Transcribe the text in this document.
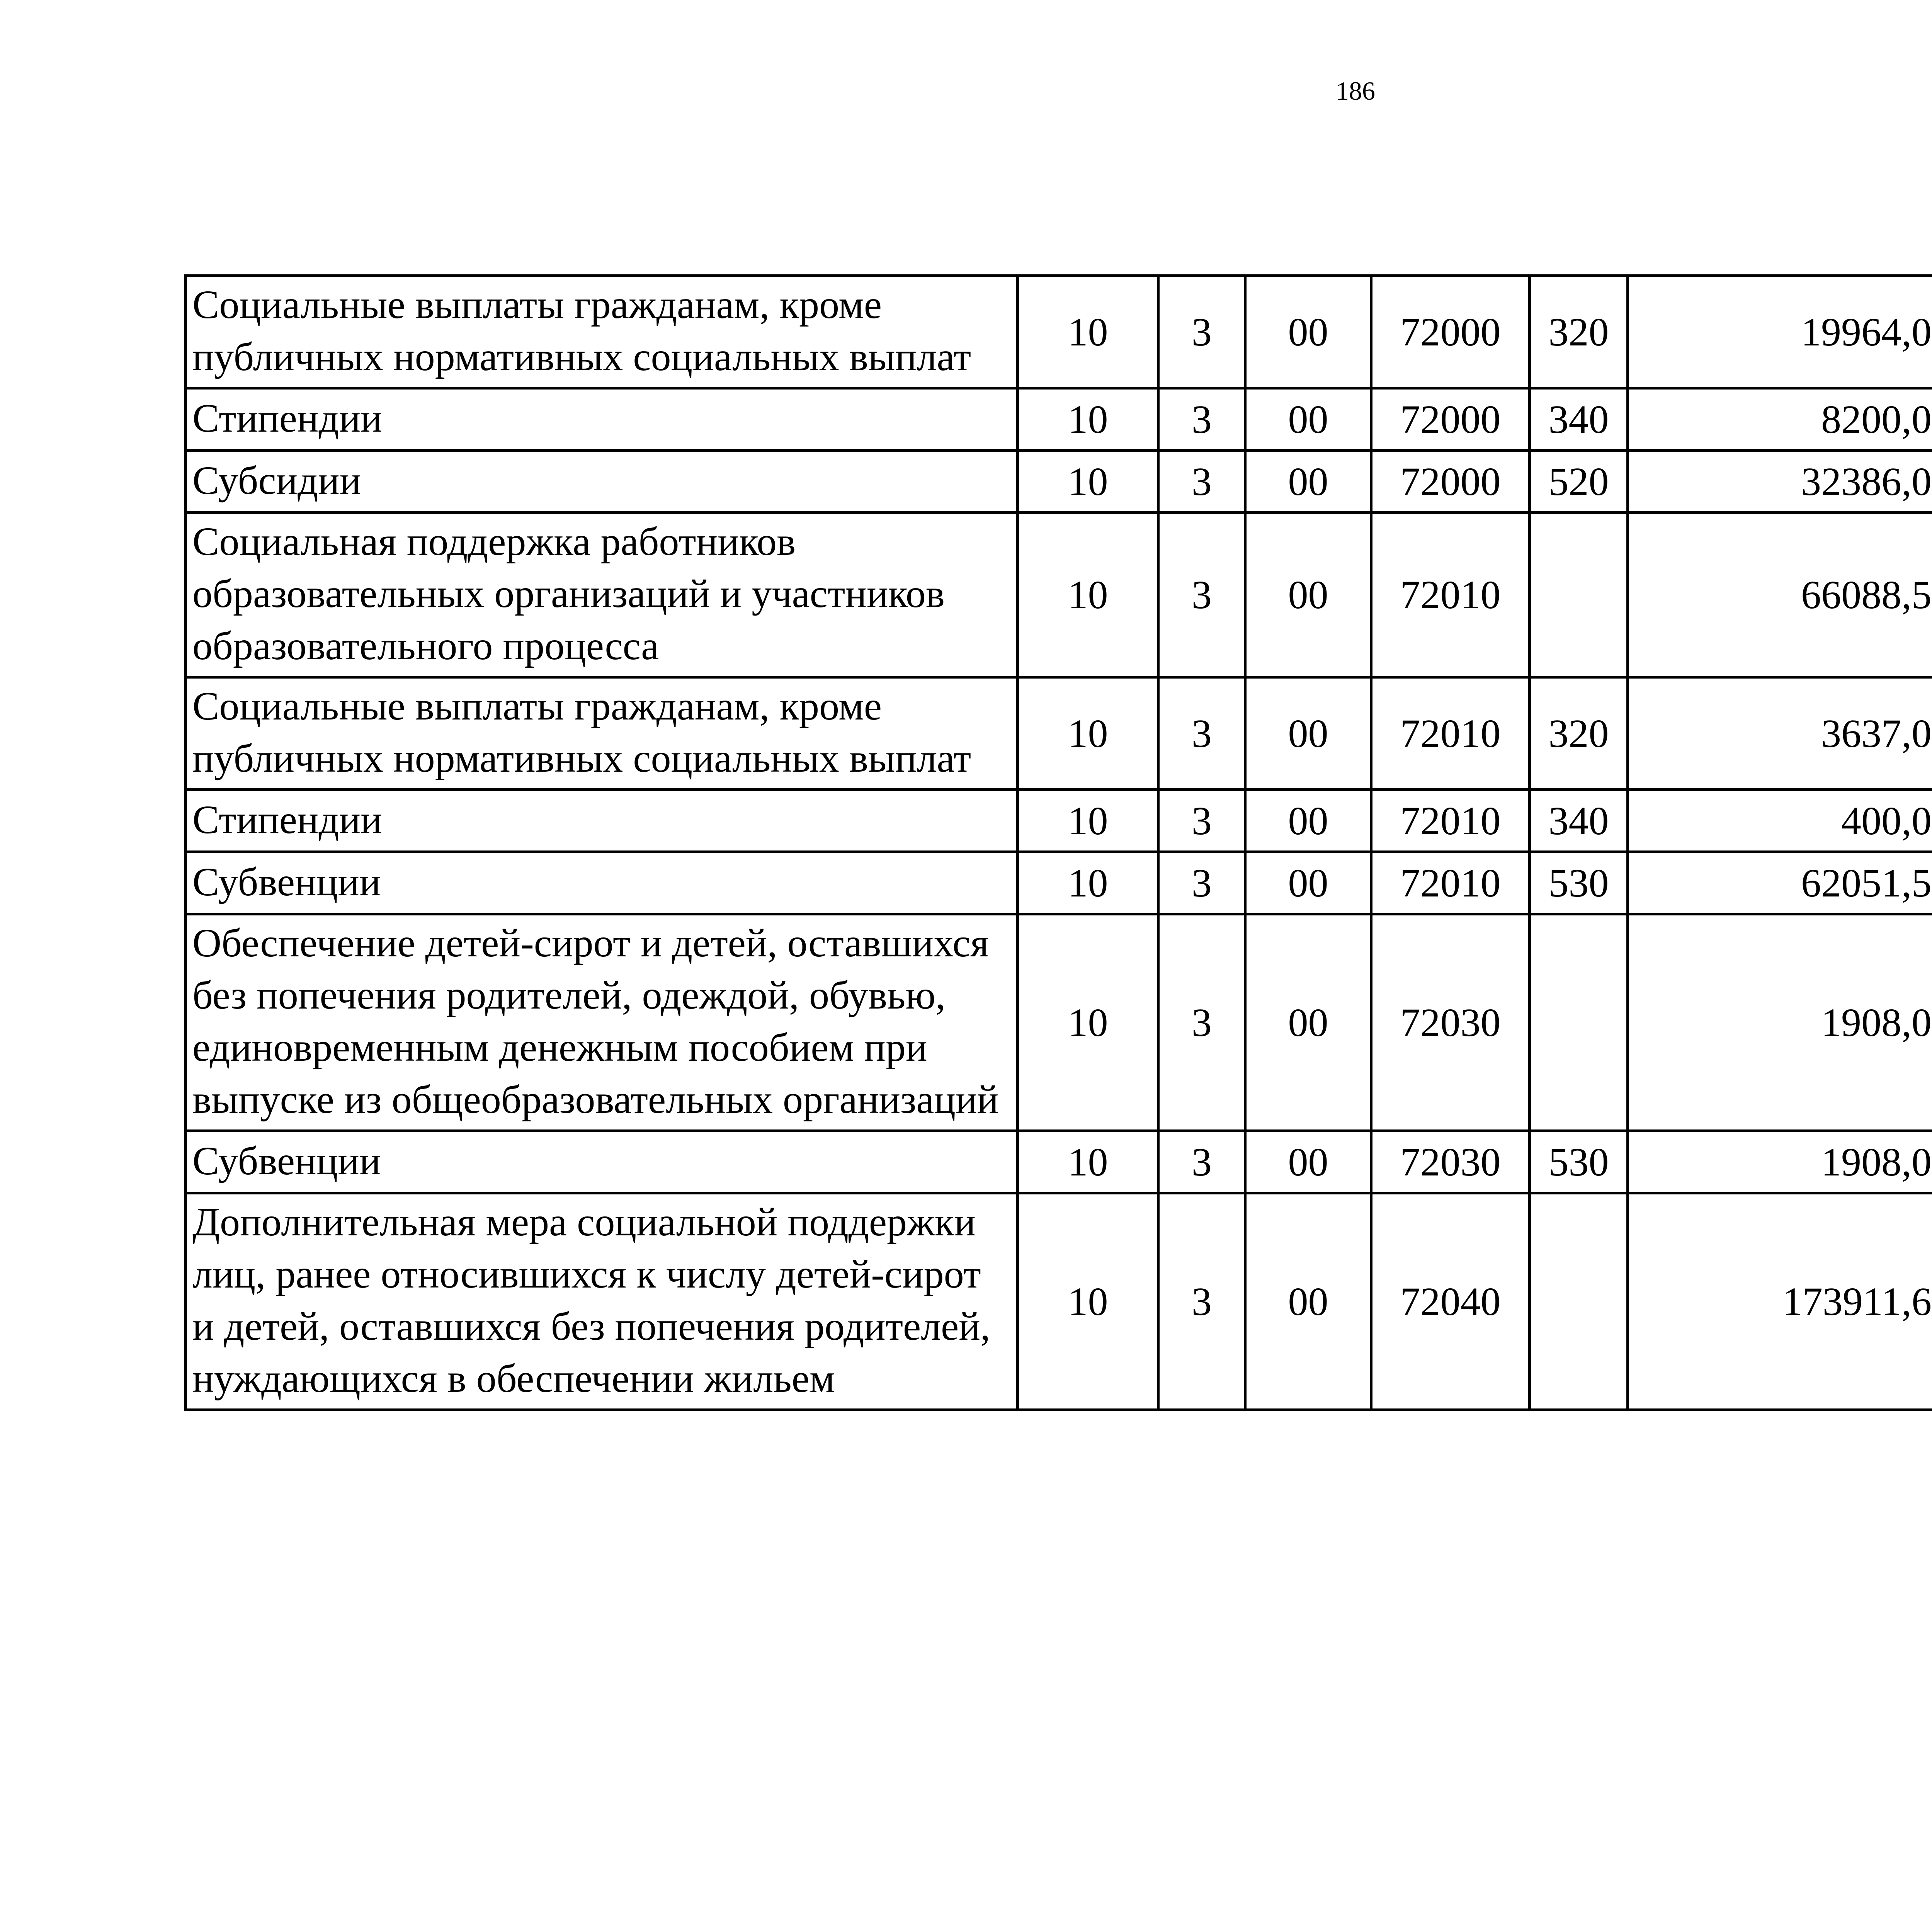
186
Социальные выплаты гражданам, кроме публичных нормативных социальных выплат	10	3	00	72000	320	19964,0		
Стипендии	10	3	00	72000	340	8200,0		
Субсидии	10	3	00	72000	520	32386,0		
Социальная поддержка работников образовательных организаций и участников образовательного процесса	10	3	00	72010		66088,5		
Социальные выплаты гражданам, кроме публичных нормативных социальных выплат	10	3	00	72010	320	3637,0		
Стипендии	10	3	00	72010	340	400,0		
Субвенции	10	3	00	72010	530	62051,5		
Обеспечение детей-сирот и детей, оставшихся без попечения родителей, одеждой, обувью, единовременным денежным пособием при выпуске из общеобразовательных организаций	10	3	00	72030		1908,0		
Субвенции	10	3	00	72030	530	1908,0		
Дополнительная мера социальной поддержки лиц, ранее относившихся к числу детей-сирот и детей, оставшихся без попечения родителей, нуждающихся в обеспечении жильем	10	3	00	72040		173911,6		
